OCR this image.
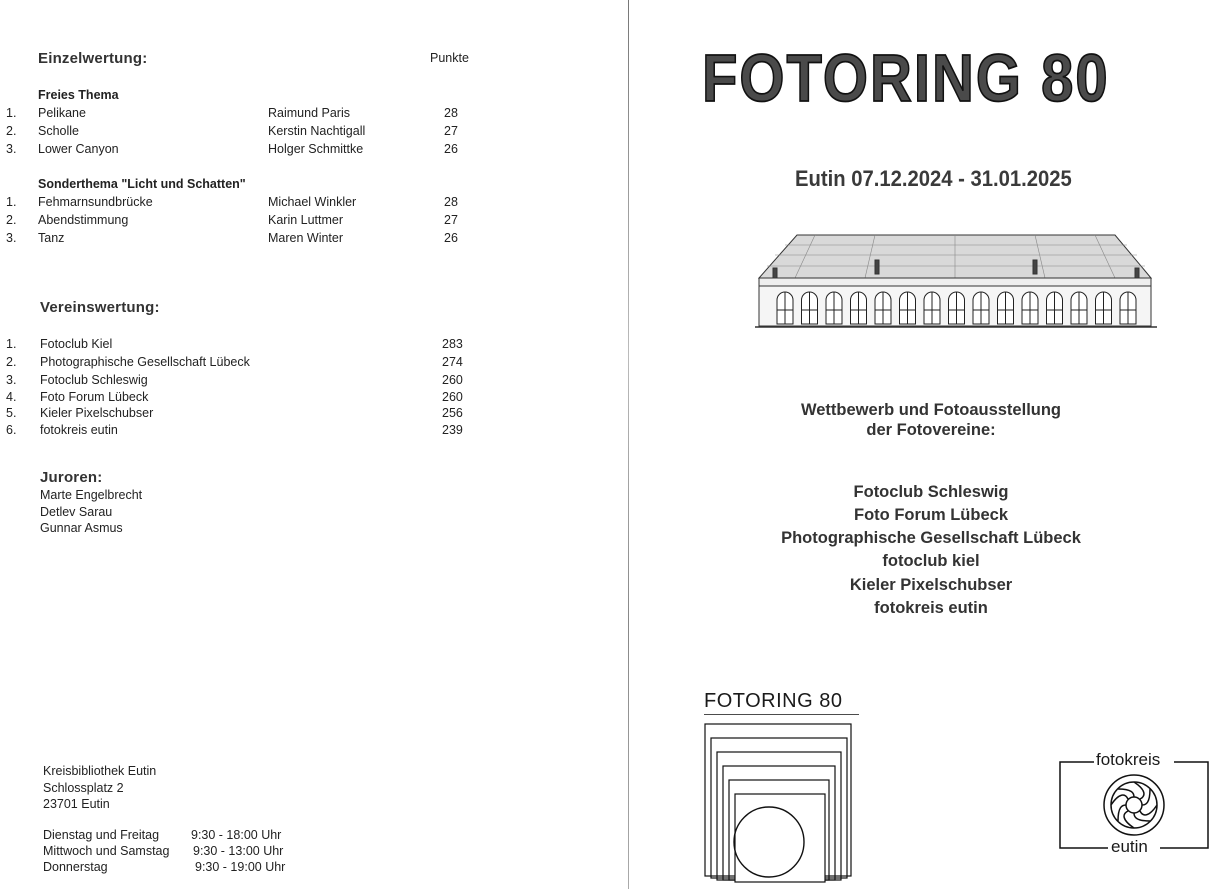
Einzelwertung:	Punkte
Freies Thema
1. Pelikane	Raimund Paris	28
2. Scholle	Kerstin Nachtigall	27
3. Lower Canyon	Holger Schmittke	26
Sonderthema "Licht und Schatten"
1. Fehmarnsundbrücke	Michael Winkler	28
2. Abendstimmung	Karin Luttmer	27
3. Tanz	Maren Winter	26
Vereinswertung:
1. Fotoclub Kiel	283
2. Photographische Gesellschaft Lübeck	274
3. Fotoclub Schleswig	260
4. Foto Forum Lübeck	260
5. Kieler Pixelschubser	256
6. fotokreis eutin	239
Juroren:
Marte Engelbrecht
Detlev Sarau
Gunnar Asmus
Kreisbibliothek Eutin
Schlossplatz 2
23701 Eutin
Dienstag und Freitag	9:30 - 18:00 Uhr
Mittwoch und Samstag 9:30 - 13:00 Uhr
Donnerstag	9:30 - 19:00 Uhr
FOTORING 80
Eutin 07.12.2024 - 31.01.2025
Wettbewerb und Fotoausstellung
der Fotovereine:
Fotoclub Schleswig
Foto Forum Lübeck
Photographische Gesellschaft Lübeck
fotoclub kiel
Kieler Pixelschubser
fotokreis eutin
FOTORING 80
fotokreis
eutin
